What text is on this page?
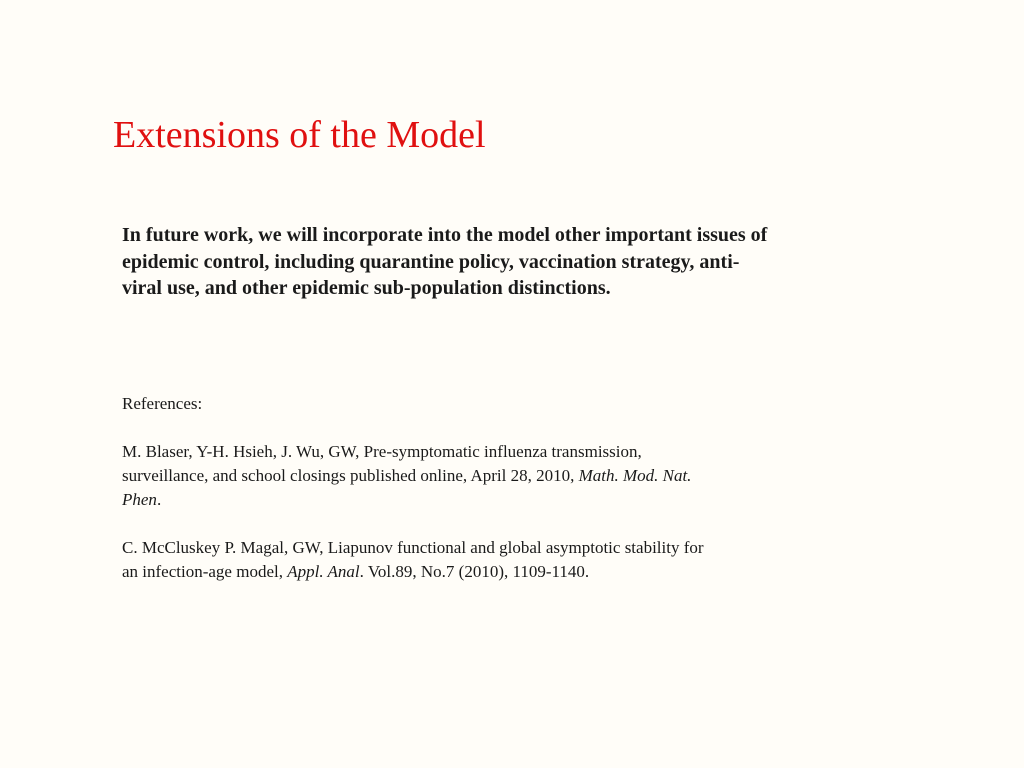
Extensions of the Model

In future work, we will incorporate into the model other important issues of
epidemic control, including quarantine policy, vaccination strategy, anti-
viral use, and other epidemic sub-population distinctions.

References:

M. Blaser, Y-H. Hsieh, J. Wu, GW, Pre-symptomatic influenza transmission,
surveillance, and school closings published online, April 28, 2010, Math. Mod. Nat.
Phen.

C. McCluskey P. Magal, GW, Liapunov functional and global asymptotic stability for
an infection-age model, Appl. Anal. Vol.89, No.7 (2010), 1109-1140.
